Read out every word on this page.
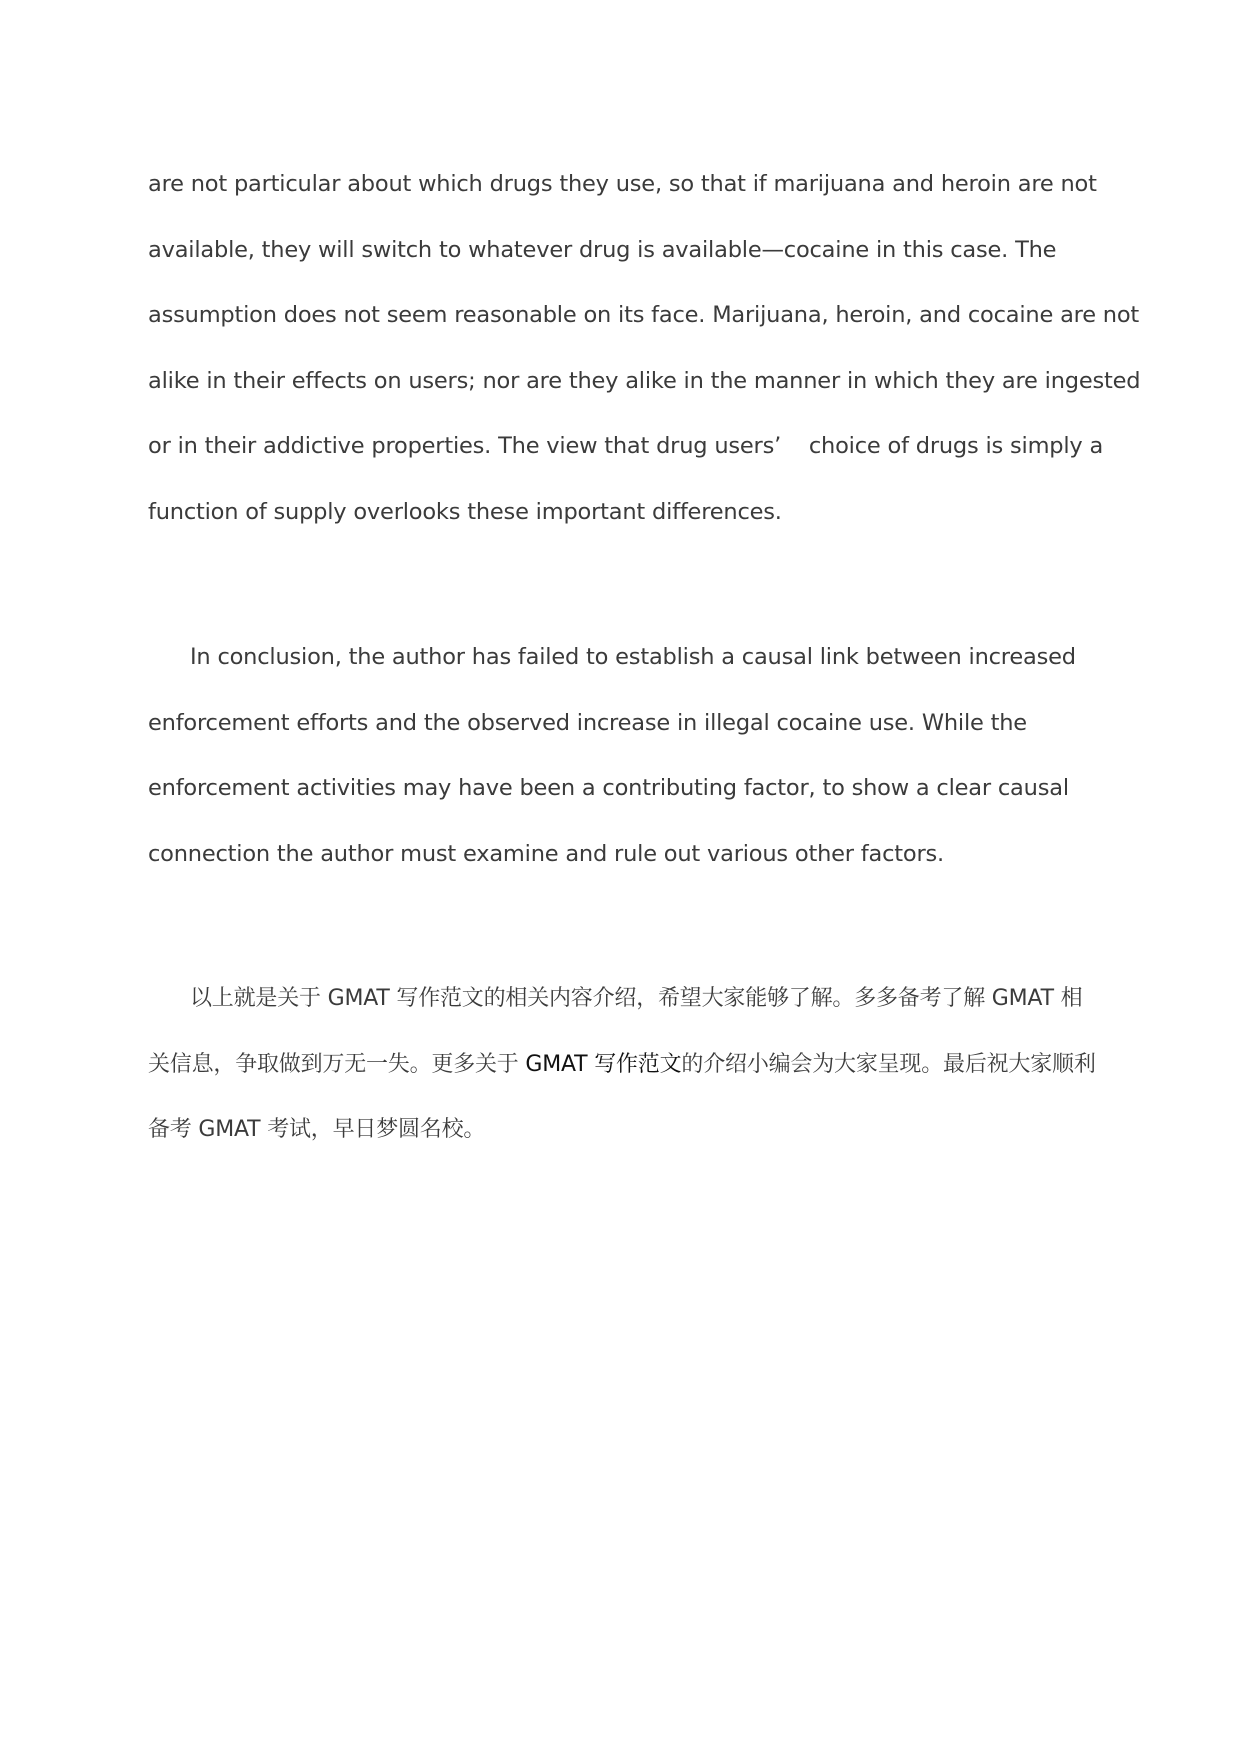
are not particular about which drugs they use, so that if marijuana and heroin are not
available, they will switch to whatever drug is available—cocaine in this case. The
assumption does not seem reasonable on its face. Marijuana, heroin, and cocaine are not
alike in their effects on users; nor are they alike in the manner in which they are ingested
or in their addictive properties. The view that drug users’    choice of drugs is simply a
function of supply overlooks these important differences.
In conclusion, the author has failed to establish a causal link between increased
enforcement efforts and the observed increase in illegal cocaine use. While the
enforcement activities may have been a contributing factor, to show a clear causal
connection the author must examine and rule out various other factors.
以上就是关于 GMAT 写作范文的相关内容介绍，希望大家能够了解。多多备考了解 GMAT 相
关信息，争取做到万无一失。更多关于 GMAT 写作范文的介绍小编会为大家呈现。最后祝大家顺利
备考 GMAT 考试，早日梦圆名校。
